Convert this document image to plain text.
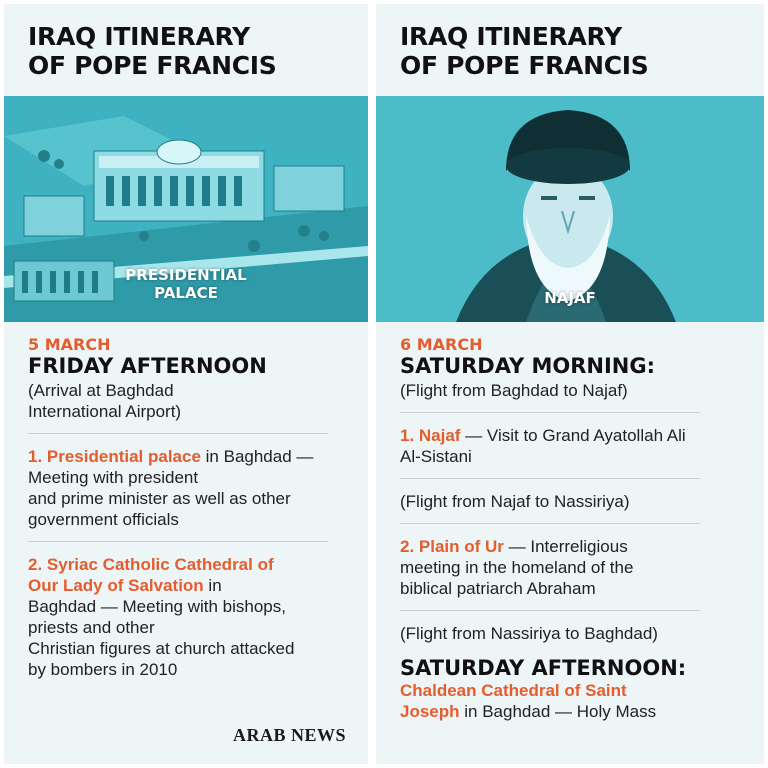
IRAQ ITINERARY
OF POPE FRANCIS
PRESIDENTIAL
PALACE
5 MARCH
FRIDAY AFTERNOON
(Arrival at Baghdad
International Airport)
1. Presidential palace in Baghdad —
Meeting with president
and prime minister as well as other
government officials
2. Syriac Catholic Cathedral of
Our Lady of Salvation in
Baghdad — Meeting with bishops,
priests and other
Christian figures at church attacked
by bombers in 2010
ARAB NEWS
IRAQ ITINERARY
OF POPE FRANCIS
NAJAF
6 MARCH
SATURDAY MORNING:
(Flight from Baghdad to Najaf)
1. Najaf — Visit to Grand Ayatollah Ali
Al-Sistani
(Flight from Najaf to Nassiriya)
2. Plain of Ur — Interreligious
meeting in the homeland of the
biblical patriarch Abraham
(Flight from Nassiriya to Baghdad)
SATURDAY AFTERNOON:
Chaldean Cathedral of Saint
Joseph in Baghdad — Holy Mass
